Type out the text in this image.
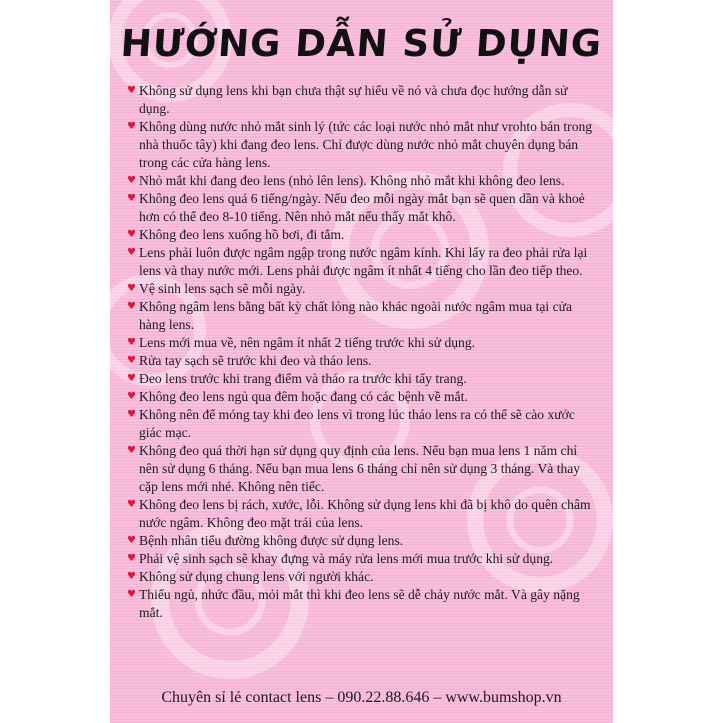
HƯỚNG DẪN SỬ DỤNG
♥ Không sử dụng lens khi bạn chưa thật sự hiểu về nó và chưa đọc hướng dẫn sử dụng.
♥ Không dùng nước nhỏ mắt sinh lý (tức các loại nước nhỏ mắt như vrohto bán trong nhà thuốc tây) khi đang đeo lens. Chỉ được dùng nước nhỏ mắt chuyên dụng bán trong các cửa hàng lens.
♥ Nhỏ mắt khi đang đeo lens (nhỏ lên lens). Không nhỏ mắt khi không đeo lens.
♥ Không đeo lens quá 6 tiếng/ngày. Nếu đeo mỗi ngày mắt bạn sẽ quen dần và khoẻ hơn có thể đeo 8-10 tiếng. Nên nhỏ mắt nếu thấy mắt khô.
♥ Không đeo lens xuống hồ bơi, đi tắm.
♥ Lens phải luôn được ngâm ngập trong nước ngâm kính. Khi lấy ra đeo phải rửa lại lens và thay nước mới. Lens phải được ngâm ít nhất 4 tiếng cho lần đeo tiếp theo.
♥ Vệ sinh lens sạch sẽ mỗi ngày.
♥ Không ngâm lens bằng bất kỳ chất lỏng nào khác ngoài nước ngâm mua tại cửa hàng lens.
♥ Lens mới mua về, nên ngâm ít nhất 2 tiếng trước khi sử dụng.
♥ Rửa tay sạch sẽ trước khi đeo và tháo lens.
♥ Đeo lens trước khi trang điểm và tháo ra trước khi tẩy trang.
♥ Không đeo lens ngủ qua đêm hoặc đang có các bệnh về mắt.
♥ Không nên để móng tay khi đeo lens vì trong lúc tháo lens ra có thể sẽ cào xước giác mạc.
♥ Không đeo quá thời hạn sử dụng quy định của lens. Nếu bạn mua lens 1 năm chỉ nên sử dụng 6 tháng. Nếu bạn mua lens 6 tháng chỉ nên sử dụng 3 tháng. Và thay cặp lens mới nhé. Không nên tiếc.
♥ Không đeo lens bị rách, xước, lỗi. Không sử dụng lens khi đã bị khô do quên châm nước ngâm. Không đeo mặt trái của lens.
♥ Bệnh nhân tiểu đường không được sử dụng lens.
♥ Phải vệ sinh sạch sẽ khay đựng và máy rửa lens mới mua trước khi sử dụng.
♥ Không sử dụng chung lens với người khác.
♥ Thiếu ngủ, nhức đầu, mỏi mắt thì khi đeo lens sẽ dễ chảy nước mắt. Và gây nặng mắt.

Chuyên sỉ lẻ contact lens – 090.22.88.646 – www.bumshop.vn
